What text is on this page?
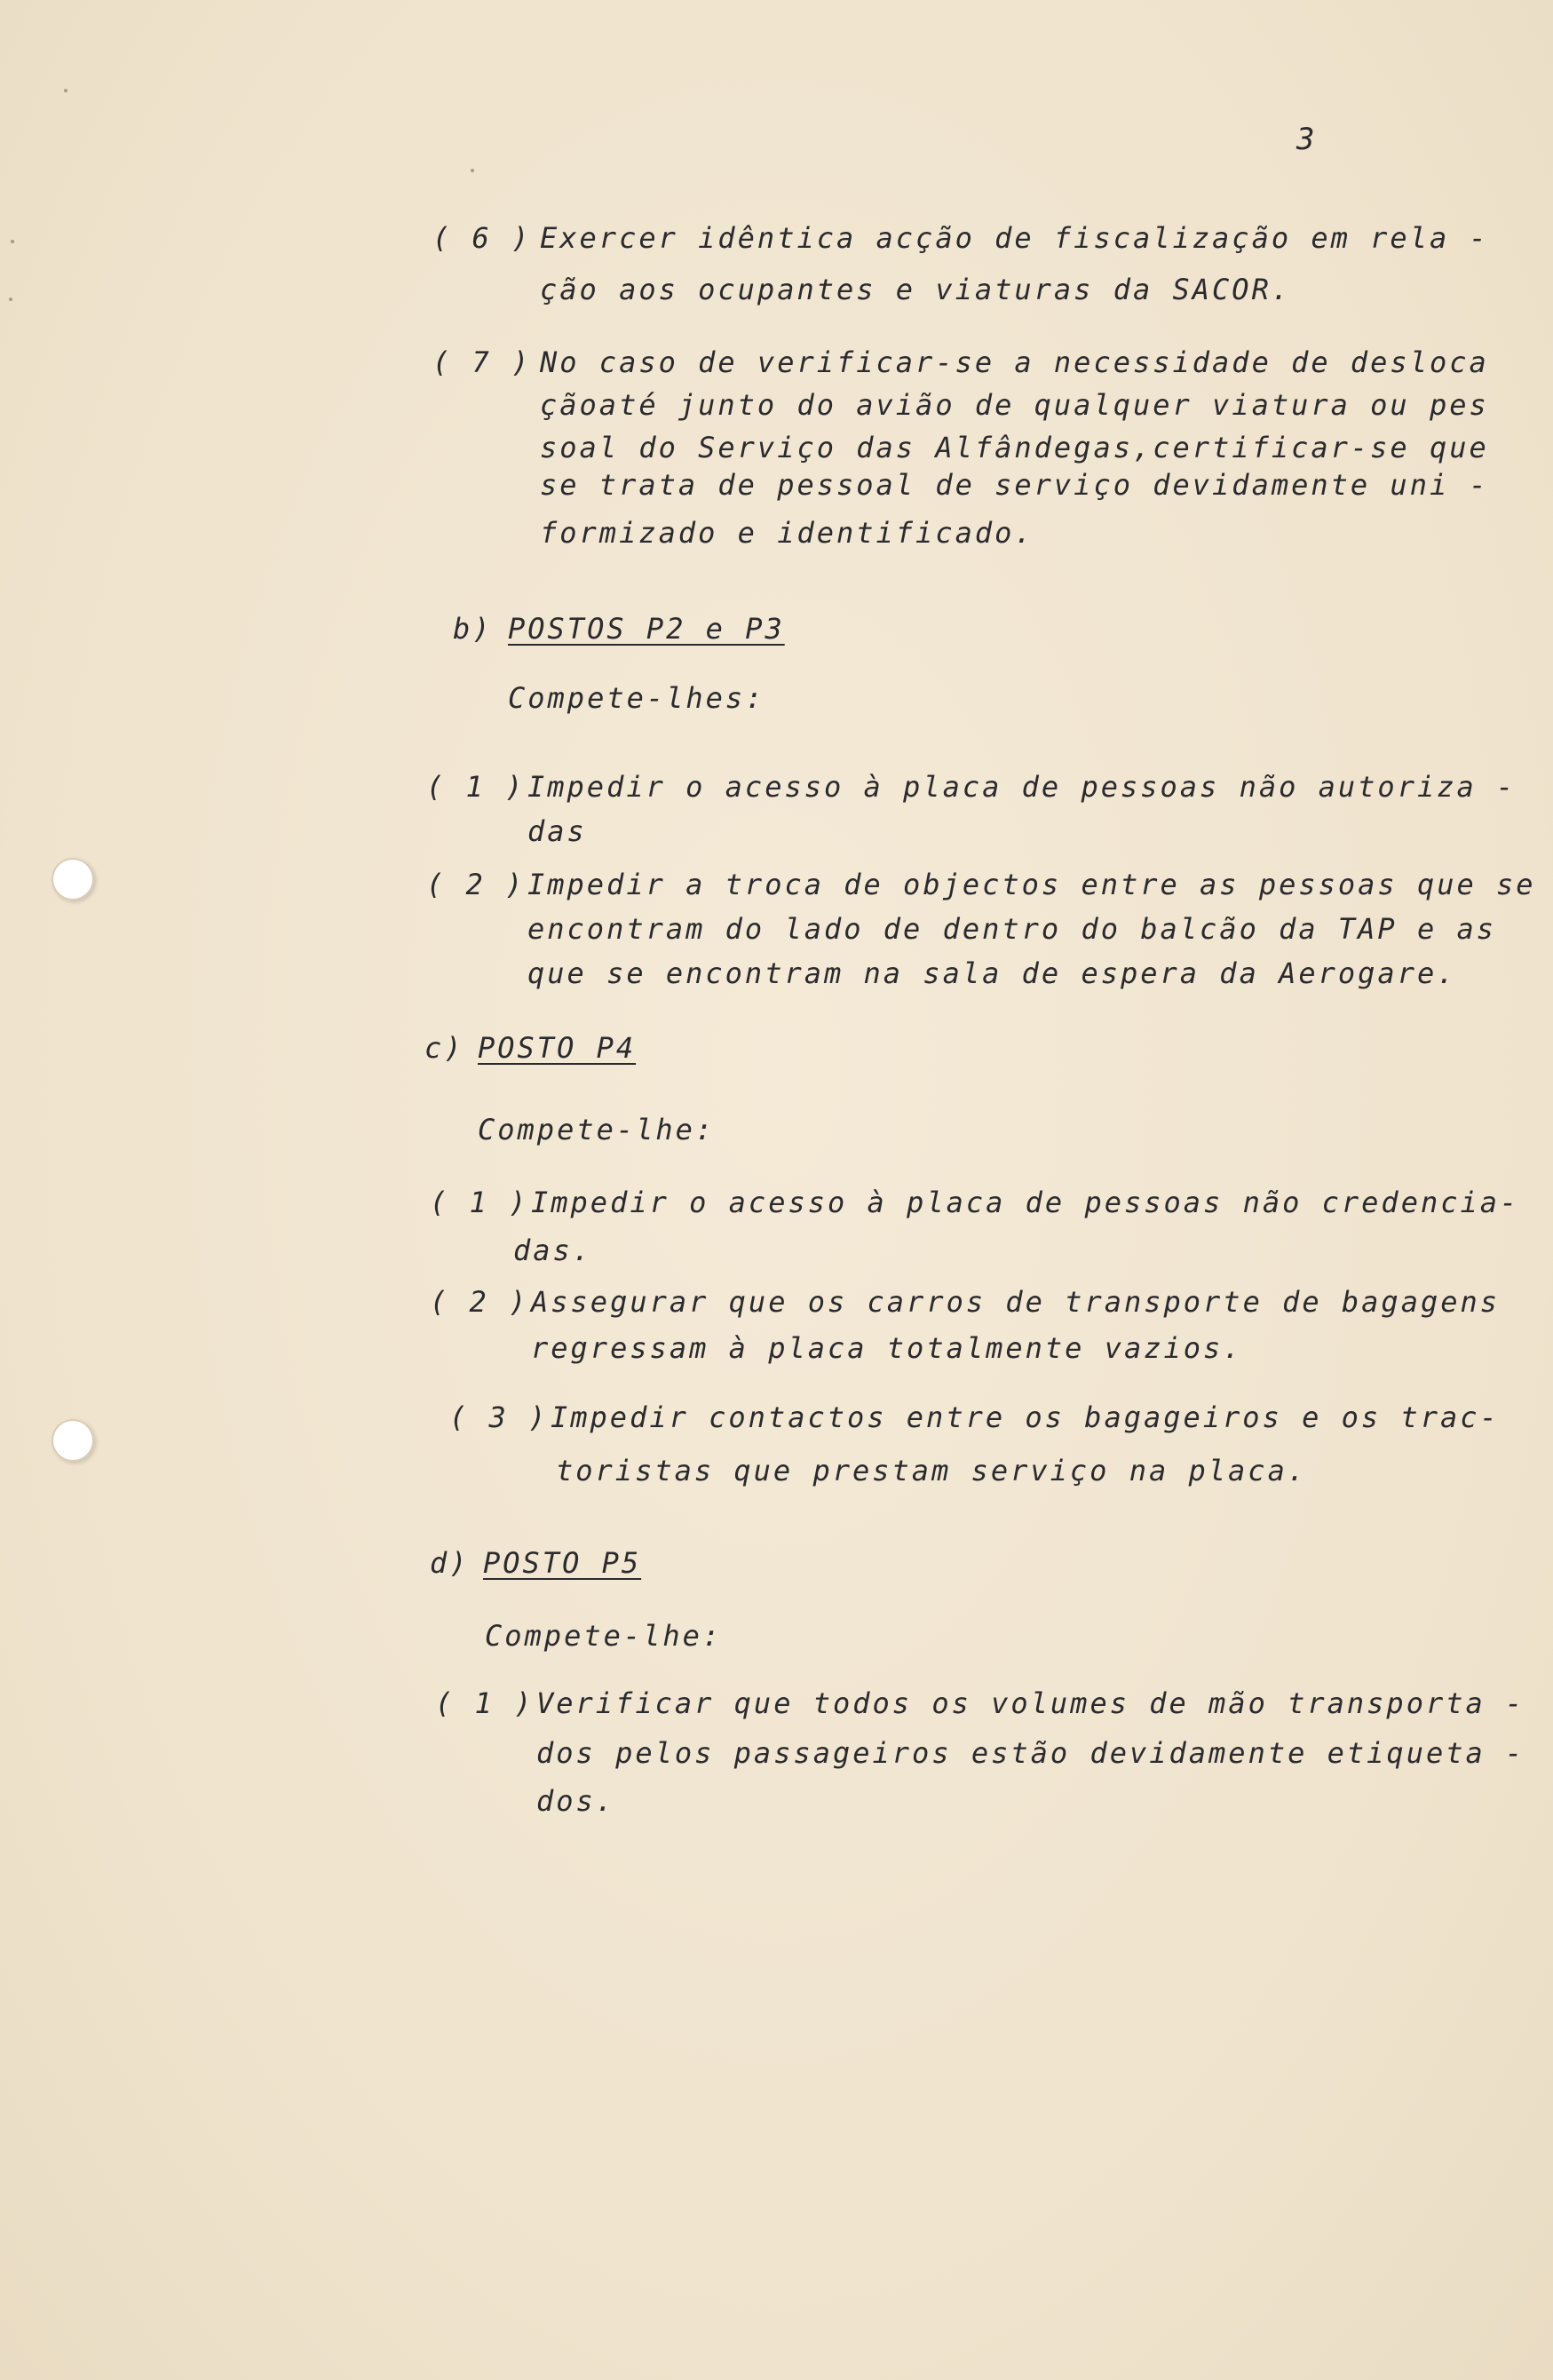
3
( 6 ) Exercer idêntica acção de fiscalização em rela -
ção aos ocupantes e viaturas da SACOR.
( 7 ) No caso de verificar-se a necessidade de desloca
çãoaté junto do avião de qualquer viatura ou pes
soal do Serviço das Alfândegas,certificar-se que
se trata de pessoal de serviço devidamente uni -
formizado e identificado.
b) POSTOS P2 e P3
Compete-lhes:
( 1 ) Impedir o acesso à placa de pessoas não autoriza -
das
( 2 ) Impedir a troca de objectos entre as pessoas que se
encontram do lado de dentro do balcão da TAP e as
que se encontram na sala de espera da Aerogare.
c) POSTO P4
Compete-lhe:
( 1 ) Impedir o acesso à placa de pessoas não credencia-
das.
( 2 ) Assegurar que os carros de transporte de bagagens
regressam à placa totalmente vazios.
( 3 ) Impedir contactos entre os bagageiros e os trac-
toristas que prestam serviço na placa.
d) POSTO P5
Compete-lhe:
( 1 ) Verificar que todos os volumes de mão transporta -
dos pelos passageiros estão devidamente etiqueta -
dos.
